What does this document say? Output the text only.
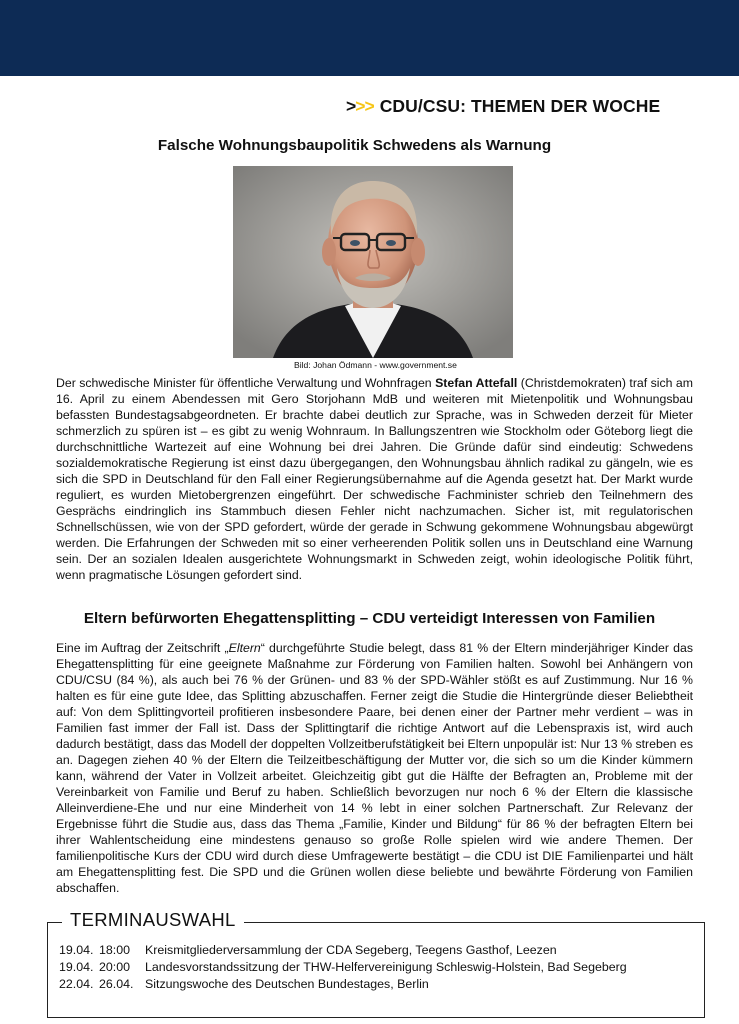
>>> CDU/CSU: THEMEN DER WOCHE
Falsche Wohnungsbaupolitik Schwedens als Warnung
Bild: Johan Ödmann - www.government.se

Der schwedische Minister für öffentliche Verwaltung und Wohnfragen Stefan Attefall (Christdemokraten) traf sich am 16. April zu einem Abendessen mit Gero Storjohann MdB und weiteren mit Mietenpolitik und Wohnungsbau befassten Bundestagsabgeordneten. Er brachte dabei deutlich zur Sprache, was in Schweden derzeit für Mieter schmerzlich zu spüren ist – es gibt zu wenig Wohnraum. In Ballungszentren wie Stockholm oder Göteborg liegt die durchschnittliche Wartezeit auf eine Wohnung bei drei Jahren. Die Gründe dafür sind eindeutig: Schwedens sozialdemokratische Regierung ist einst dazu übergegangen, den Wohnungsbau ähnlich radikal zu gängeln, wie es sich die SPD in Deutschland für den Fall einer Regierungsübernahme auf die Agenda gesetzt hat. Der Markt wurde reguliert, es wurden Mietobergrenzen eingeführt. Der schwedische Fachminister schrieb den Teilnehmern des Gesprächs eindringlich ins Stammbuch diesen Fehler nicht nachzumachen. Sicher ist, mit regulatorischen Schnellschüssen, wie von der SPD gefordert, würde der gerade in Schwung gekommene Wohnungsbau abgewürgt werden. Die Erfahrungen der Schweden mit so einer verheerenden Politik sollen uns in Deutschland eine Warnung sein. Der an sozialen Idealen ausgerichtete Wohnungsmarkt in Schweden zeigt, wohin ideologische Politik führt, wenn pragmatische Lösungen gefordert sind.

Eltern befürworten Ehegattensplitting – CDU verteidigt Interessen von Familien

Eine im Auftrag der Zeitschrift „Eltern“ durchgeführte Studie belegt, dass 81 % der Eltern minderjähriger Kinder das Ehegattensplitting für eine geeignete Maßnahme zur Förderung von Familien halten. Sowohl bei Anhängern von CDU/CSU (84 %), als auch bei 76 % der Grünen- und 83 % der SPD-Wähler stößt es auf Zustimmung. Nur 16 % halten es für eine gute Idee, das Splitting abzuschaffen. Ferner zeigt die Studie die Hintergründe dieser Beliebtheit auf: Von dem Splittingvorteil profitieren insbesondere Paare, bei denen einer der Partner mehr verdient – was in Familien fast immer der Fall ist. Dass der Splittingtarif die richtige Antwort auf die Lebenspraxis ist, wird auch dadurch bestätigt, dass das Modell der doppelten Vollzeitberufstätigkeit bei Eltern unpopulär ist: Nur 13 % streben es an. Dagegen ziehen 40 % der Eltern die Teilzeitbeschäftigung der Mutter vor, die sich so um die Kinder kümmern kann, während der Vater in Vollzeit arbeitet. Gleichzeitig gibt gut die Hälfte der Befragten an, Probleme mit der Vereinbarkeit von Familie und Beruf zu haben. Schließlich bevorzugen nur noch 6 % der Eltern die klassische Alleinverdiene-Ehe und nur eine Minderheit von 14 % lebt in einer solchen Partnerschaft. Zur Relevanz der Ergebnisse führt die Studie aus, dass das Thema „Familie, Kinder und Bildung“ für 86 % der befragten Eltern bei ihrer Wahlentscheidung eine mindestens genauso so große Rolle spielen wird wie andere Themen. Der familienpolitische Kurs der CDU wird durch diese Umfragewerte bestätigt – die CDU ist DIE Familienpartei und hält am Ehegattensplitting fest. Die SPD und die Grünen wollen diese beliebte und bewährte Förderung von Familien abschaffen.

TERMINAUSWAHL
19.04. 18:00	Kreismitgliederversammlung der CDA Segeberg, Teegens Gasthof, Leezen
19.04. 20:00	Landesvorstandssitzung der THW-Helfervereinigung Schleswig-Holstein, Bad Segeberg
22.04. 26.04. Sitzungswoche des Deutschen Bundestages, Berlin
